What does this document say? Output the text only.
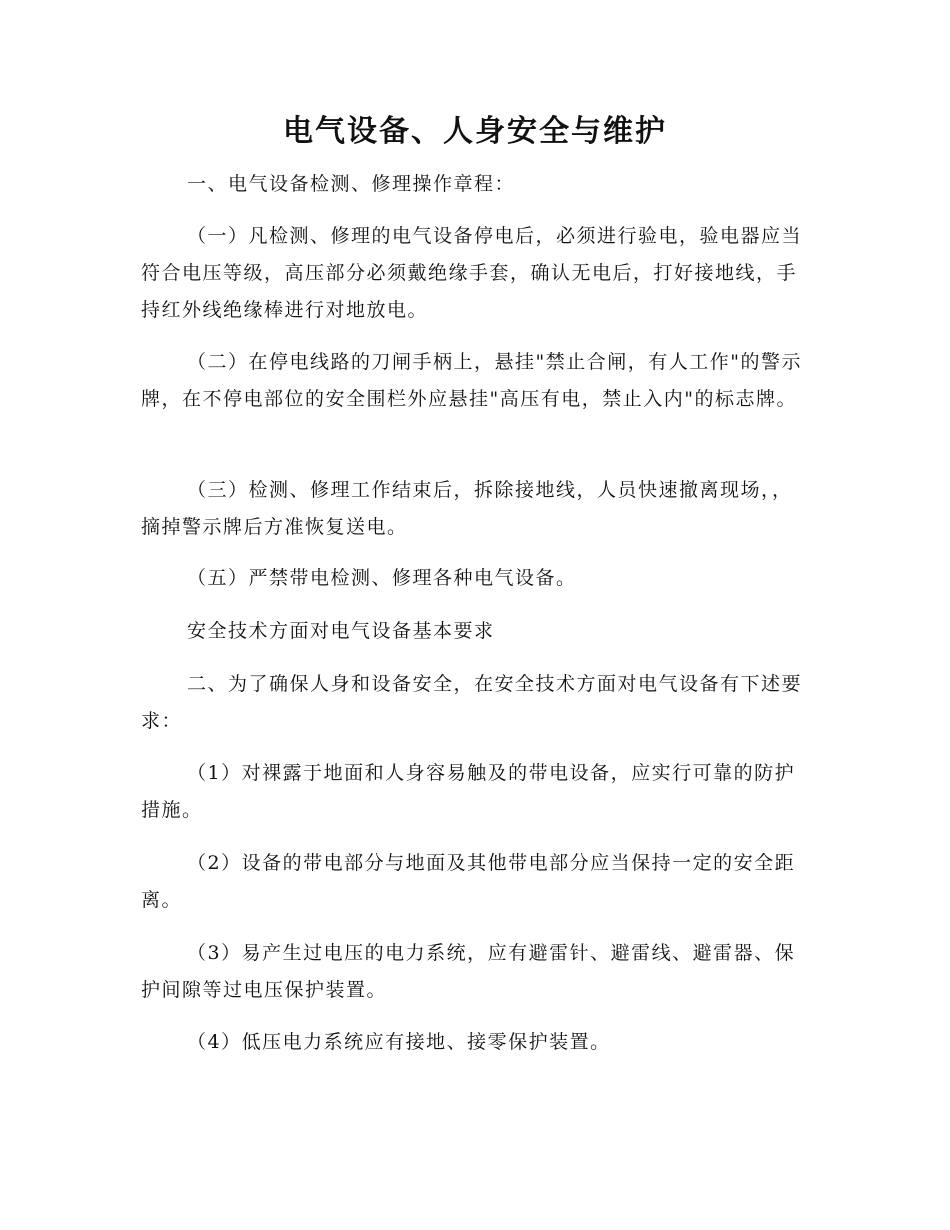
电气设备、人身安全与维护

一、电气设备检测、修理操作章程：

（一）凡检测、修理的电气设备停电后，必须进行验电，验电器应当符合电压等级，高压部分必须戴绝缘手套，确认无电后，打好接地线，手持红外线绝缘棒进行对地放电。

（二）在停电线路的刀闸手柄上，悬挂"禁止合闸，有人工作"的警示牌，在不停电部位的安全围栏外应悬挂"高压有电，禁止入内"的标志牌。

（三）检测、修理工作结束后，拆除接地线，人员快速撤离现场，，摘掉警示牌后方准恢复送电。

（五）严禁带电检测、修理各种电气设备。

安全技术方面对电气设备基本要求

二、为了确保人身和设备安全，在安全技术方面对电气设备有下述要求：

（1）对裸露于地面和人身容易触及的带电设备，应实行可靠的防护措施。

（2）设备的带电部分与地面及其他带电部分应当保持一定的安全距离。

（3）易产生过电压的电力系统，应有避雷针、避雷线、避雷器、保护间隙等过电压保护装置。

（4）低压电力系统应有接地、接零保护装置。
